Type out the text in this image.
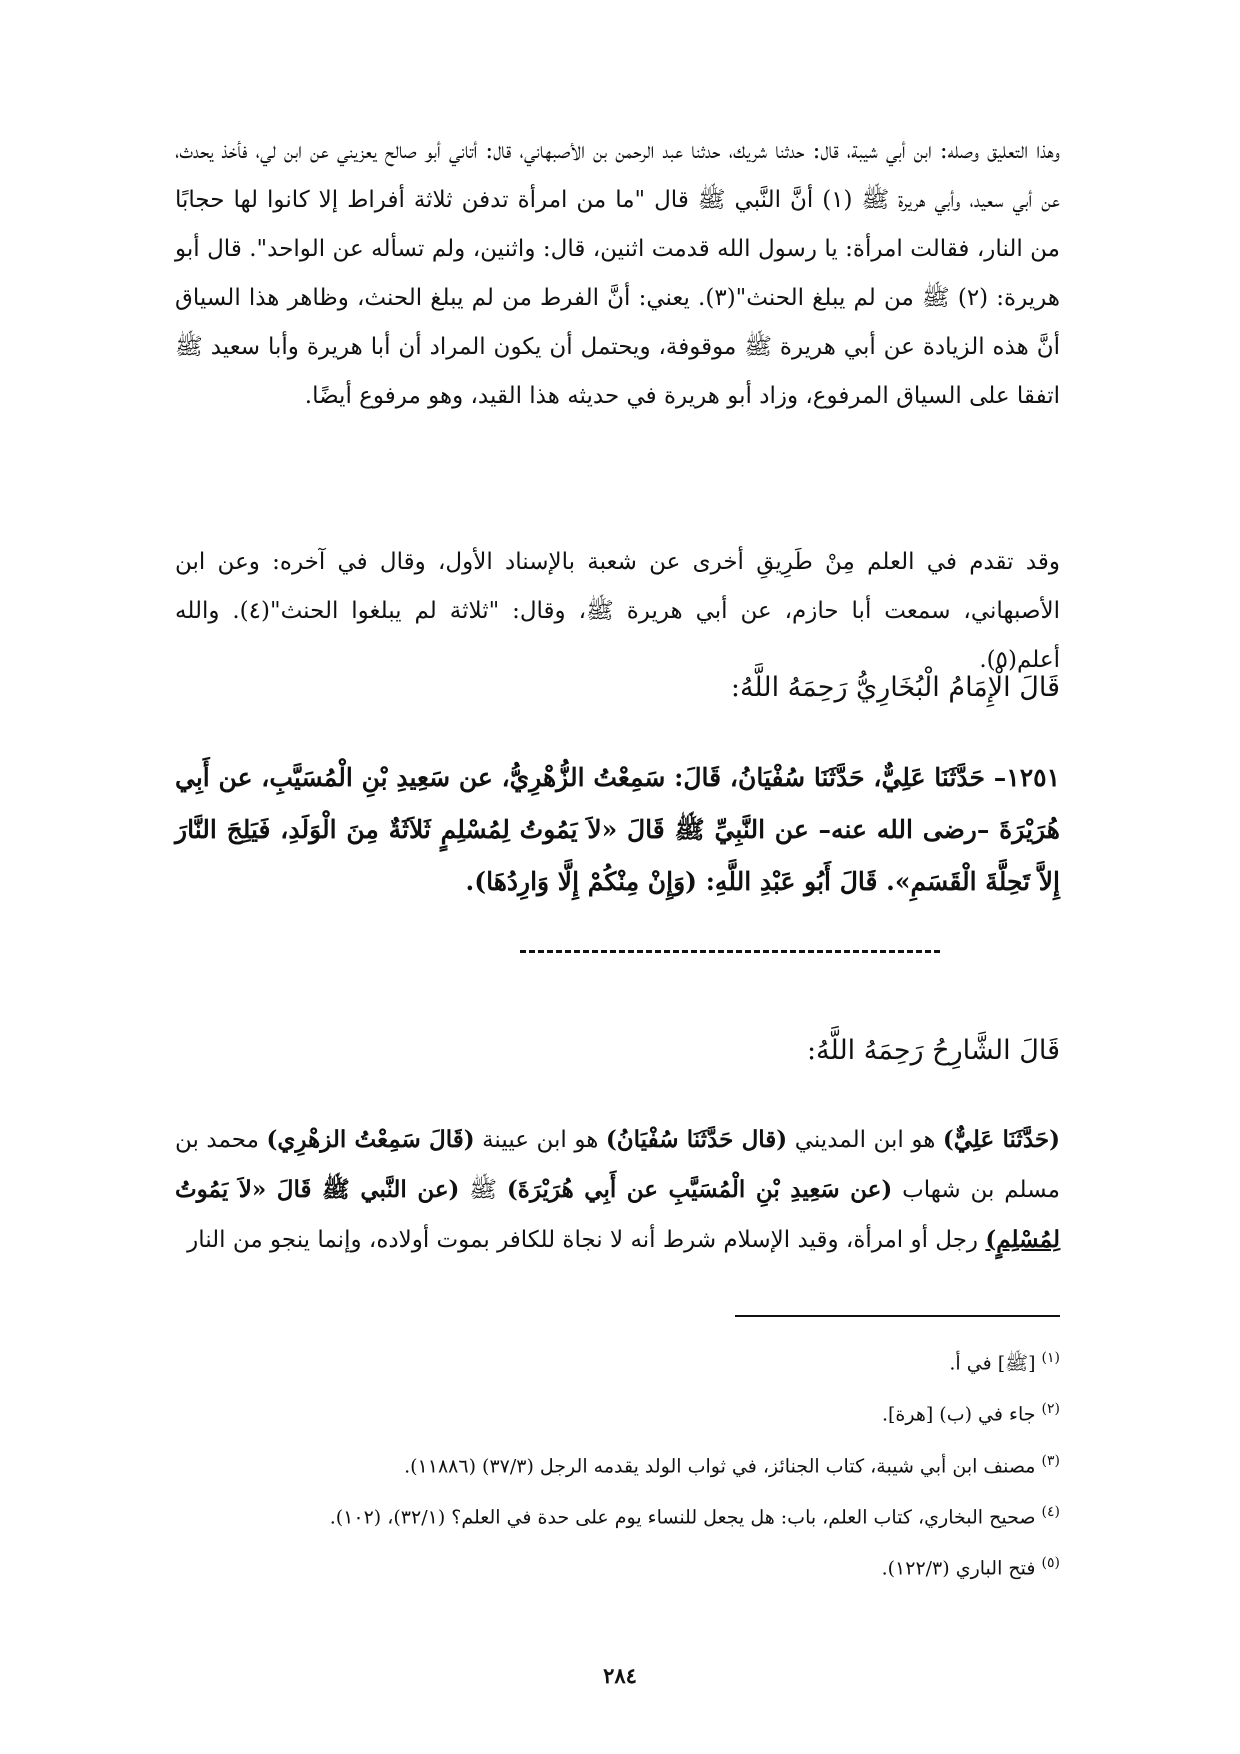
وهذا التعليق وصله: ابن أبي شيبة، قال: حدثنا شريك، حدثنا عبد الرحمن بن الأصبهاني، قال: أتاني أبو صالح يعزيني عن ابن لي، فأخذ يحدث، عن أبي سعيد، وأبي هريرة ﷺ (١) أنَّ النَّبي ﷺ قال "ما من امرأة تدفن ثلاثة أفراط إلا كانوا لها حجابًا من النار، فقالت امرأة: يا رسول الله قدمت اثنين، قال: واثنين، ولم تسأله عن الواحد". قال أبو هريرة: (٢) ﷺ من لم يبلغ الحنث"(٣). يعني: أنَّ الفرط من لم يبلغ الحنث، وظاهر هذا السياق أنَّ هذه الزيادة عن أبي هريرة ﷺ موقوفة، ويحتمل أن يكون المراد أن أبا هريرة وأبا سعيد ﷺ اتفقا على السياق المرفوع، وزاد أبو هريرة في حديثه هذا القيد، وهو مرفوع أيضًا.

وقد تقدم في العلم مِنْ طَرِيقِ أخرى عن شعبة بالإسناد الأول، وقال في آخره: وعن ابن الأصبهاني، سمعت أبا حازم، عن أبي هريرة ﷺ، وقال: "ثلاثة لم يبلغوا الحنث"(٤). والله أعلم(٥).

قَالَ الْإِمَامُ الْبُخَارِيُّ رَحِمَهُ اللَّهُ:

١٢٥١– حَدَّثَنَا عَلِيٌّ، حَدَّثَنَا سُفْيَانُ، قَالَ: سَمِعْتُ الزُّهْرِيُّ، عن سَعِيدِ بْنِ الْمُسَيَّبِ، عن أَبِي هُرَيْرَةَ –رضى الله عنه– عن النَّبِيِّ ﷺ قَالَ «لاَ يَمُوتُ لِمُسْلِمٍ ثَلاَثَةٌ مِنَ الْوَلَدِ، فَيَلِجَ النَّارَ إِلاَّ تَحِلَّةَ الْقَسَمِ». قَالَ أَبُو عَبْدِ اللَّهِ: (وَإِنْ مِنْكُمْ إِلَّا وَارِدُهَا).

قَالَ الشَّارِحُ رَحِمَهُ اللَّهُ:

(حَدَّثَنَا عَلِيٌّ) هو ابن المديني (قال حَدَّثَنَا سُفْيَانُ) هو ابن عيينة (قَالَ سَمِعْتُ الزهْرِي) محمد بن مسلم بن شهاب (عن سَعِيدِ بْنِ الْمُسَيَّبِ عن أَبِي هُرَيْرَةَ) ﷺ (عن النَّبي ﷺ قَالَ «لاَ يَمُوتُ لِمُسْلِمٍ) رجل أو امرأة، وقيد الإسلام شرط أنه لا نجاة للكافر بموت أولاده، وإنما ينجو من النار

$^{(١)}$ [ﷺ] في أ.
$^{(٢)}$ جاء في (ب) [هرة].
$^{(٣)}$ مصنف ابن أبي شيبة، كتاب الجنائز، في ثواب الولد يقدمه الرجل (٣٧/٣) (١١٨٨٦).
$^{(٤)}$ صحيح البخاري، كتاب العلم، باب: هل يجعل للنساء يوم على حدة في العلم؟ (٣٢/١)، (١٠٢).
$^{(٥)}$ فتح الباري (١٢٢/٣).
٢٨٤
